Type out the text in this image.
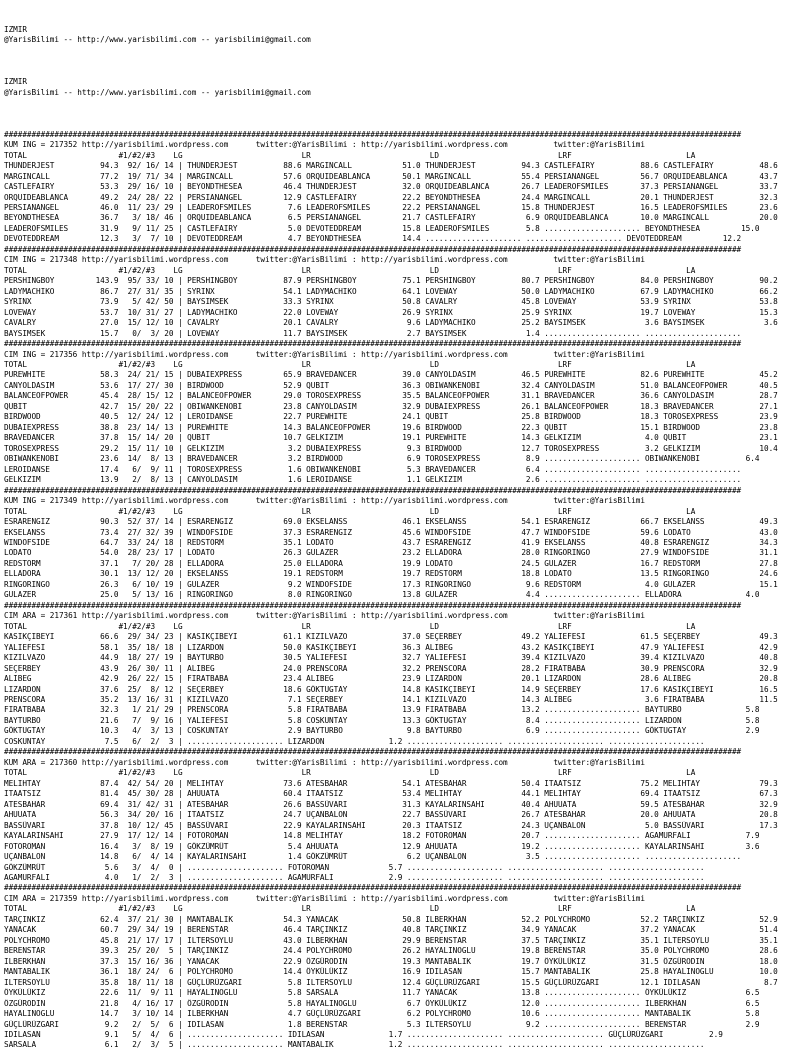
IZMIR
@YarisBilimi -- http://www.yarisbilimi.com -- yarisbilimi@gmail.com
IZMIR
@YarisBilimi -- http://www.yarisbilimi.com -- yarisbilimi@gmail.com

#################################################################################################################################################################
KUM ING = 217352 http://yarisbilimi.wordpress.com      twitter:@YarisBilimi : http://yarisbilimi.wordpress.com          twitter:@YarisBilimi
TOTAL                    #1/#2/#3    LG                          LR                          LD                          LRF                         LA
THUNDERJEST          94.3  92/ 16/ 14 | THUNDERJEST          88.6 MARGINCALL           51.0 THUNDERJEST          94.3 CASTLEFAIRY          88.6 CASTLEFAIRY          48.6
MARGINCALL           77.2  19/ 71/ 34 | MARGINCALL           57.6 ORQUIDEABLANCA       50.1 MARGINCALL           55.4 PERSIANANGEL         56.7 ORQUIDEABLANCA       43.7
CASTLEFAIRY          53.3  29/ 16/ 10 | BEYONDTHESEA         46.4 THUNDERJEST          32.0 ORQUIDEABLANCA       26.7 LEADEROFSMILES       37.3 PERSIANANGEL         33.7
ORQUIDEABLANCA       49.2  24/ 28/ 22 | PERSIANANGEL         12.9 CASTLEFAIRY          22.2 BEYONDTHESEA         24.4 MARGINCALL           20.1 THUNDERJEST          32.3
PERSIANANGEL         46.0  11/ 23/ 29 | LEADEROFSMILES        7.6 LEADEROFSMILES       22.2 PERSIANANGEL         15.8 THUNDERJEST          16.5 LEADEROFSMILES       23.6
BEYONDTHESEA         36.7   3/ 18/ 46 | ORQUIDEABLANCA        6.5 PERSIANANGEL         21.7 CASTLEFAIRY           6.9 ORQUIDEABLANCA       10.0 MARGINCALL           20.0
LEADEROFSMILES       31.9   9/ 11/ 25 | CASTLEFAIRY           5.0 DEVOTEDDREAM         15.8 LEADEROFSMILES        5.8 ..................... BEYONDTHESEA         15.0
DEVOTEDDREAM         12.3   3/  7/ 10 | DEVOTEDDREAM          4.7 BEYONDTHESEA         14.4 ..................... ..................... DEVOTEDDREAM         12.2
#################################################################################################################################################################
CIM ING = 217348 http://yarisbilimi.wordpress.com      twitter:@YarisBilimi : http://yarisbilimi.wordpress.com          twitter:@YarisBilimi
TOTAL                    #1/#2/#3    LG                          LR                          LD                          LRF                         LA
PERSHINGBOY         143.9  95/ 33/ 10 | PERSHINGBOY          87.9 PERSHINGBOY          75.1 PERSHINGBOY          80.7 PERSHINGBOY          84.0 PERSHINGBOY          90.2
LADYMACHIKO          86.7  27/ 31/ 35 | SYRINX               54.1 LADYMACHIKO          64.1 LOVEWAY              50.0 LADYMACHIKO          67.9 LADYMACHIKO          66.2
SYRINX               73.9   5/ 42/ 50 | BAYSIMSEK            33.3 SYRINX               50.8 CAVALRY              45.8 LOVEWAY              53.9 SYRINX               53.8
LOVEWAY              53.7  10/ 31/ 27 | LADYMACHIKO          22.0 LOVEWAY              26.9 SYRINX               25.9 SYRINX               19.7 LOVEWAY              15.3
CAVALRY              27.0  15/ 12/ 10 | CAVALRY              20.1 CAVALRY               9.6 LADYMACHIKO          25.2 BAYSIMSEK             3.6 BAYSIMSEK             3.6
BAYSIMSEK            15.7   0/  3/ 20 | LOVEWAY              11.7 BAYSIMSEK             2.7 BAYSIMSEK             1.4 ..................... .....................
#################################################################################################################################################################
CIM ING = 217356 http://yarisbilimi.wordpress.com      twitter:@YarisBilimi : http://yarisbilimi.wordpress.com          twitter:@YarisBilimi
TOTAL                    #1/#2/#3    LG                          LR                          LD                          LRF                         LA
PUREWHITE            58.3  24/ 21/ 15 | DUBAIEXPRESS         65.9 BRAVEDANCER          39.0 CANYOLDASIM          46.5 PUREWHITE            82.6 PUREWHITE            45.2
CANYOLDASIM          53.6  17/ 27/ 30 | BIRDWOOD             52.9 QUBIT                36.3 OBIWANKENOBI         32.4 CANYOLDASIM          51.0 BALANCEOFPOWER       40.5
BALANCEOFPOWER       45.4  28/ 15/ 12 | BALANCEOFPOWER       29.0 TOROSEXPRESS         35.5 BALANCEOFPOWER       31.1 BRAVEDANCER          36.6 CANYOLDASIM          28.7
QUBIT                42.7  15/ 20/ 22 | OBIWANKENOBI         23.8 CANYOLDASIM          32.9 DUBAIEXPRESS         26.1 BALANCEOFPOWER       18.3 BRAVEDANCER          27.1
BIRDWOOD             40.5  12/ 24/ 12 | LEROIDANSE           22.7 PUREWHITE            24.1 QUBIT                25.8 BIRDWOOD             18.3 TOROSEXPRESS         23.9
DUBAIEXPRESS         38.8  23/ 14/ 13 | PUREWHITE            14.3 BALANCEOFPOWER       19.6 BIRDWOOD             22.3 QUBIT                15.1 BIRDWOOD             23.8
BRAVEDANCER          37.8  15/ 14/ 20 | QUBIT                10.7 GELKIZIM             19.1 PUREWHITE            14.3 GELKIZIM              4.0 QUBIT                23.1
TOROSEXPRESS         29.2  15/ 11/ 10 | GELKIZIM              3.2 DUBAIEXPRESS          9.3 BIRDWOOD             12.7 TOROSEXPRESS          3.2 GELKIZIM             10.4
OBIWANKENOBI         23.6  14/  8/ 13 | BRAVEDANCER           3.2 BIRDWOOD              6.9 TOROSEXPRESS          8.9 ..................... OBIWANKENOBI          6.4
LEROIDANSE           17.4   6/  9/ 11 | TOROSEXPRESS          1.6 OBIWANKENOBI          5.3 BRAVEDANCER           6.4 ..................... .....................
GELKIZIM             13.9   2/  8/ 13 | CANYOLDASIM           1.6 LEROIDANSE            1.1 GELKIZIM              2.6 ..................... .....................
#################################################################################################################################################################
KUM ING = 217349 http://yarisbilimi.wordpress.com      twitter:@YarisBilimi : http://yarisbilimi.wordpress.com          twitter:@YarisBilimi
TOTAL                    #1/#2/#3    LG                          LR                          LD                          LRF                         LA
ESRARENGIZ           90.3  52/ 37/ 14 | ESRARENGIZ           69.0 EKSELANSS            46.1 EKSELANSS            54.1 ESRARENGIZ           66.7 EKSELANSS            49.3
EKSELANSS            73.4  27/ 32/ 39 | WINDOFSIDE           37.3 ESRARENGIZ           45.6 WINDOFSIDE           47.7 WINDOFSIDE           59.6 LODATO               43.0
WINDOFSIDE           64.7  33/ 24/ 18 | REDSTORM             35.1 LODATO               43.7 ESRARENGIZ           41.9 EKSELANSS            40.8 ESRARENGIZ           34.3
LODATO               54.0  28/ 23/ 17 | LODATO               26.3 GULAZER              23.2 ELLADORA             28.0 RINGORINGO           27.9 WINDOFSIDE           31.1
REDSTORM             37.1   7/ 20/ 28 | ELLADORA             25.0 ELLADORA             19.9 LODATO               24.5 GULAZER              16.7 REDSTORM             27.8
ELLADORA             30.1  13/ 12/ 20 | EKSELANSS            19.1 REDSTORM             19.7 REDSTORM             18.8 LODATO               13.5 RINGORINGO           24.6
RINGORINGO           26.3   6/ 10/ 19 | GULAZER               9.2 WINDOFSIDE           17.3 RINGORINGO            9.6 REDSTORM              4.0 GULAZER              15.1
GULAZER              25.0   5/ 13/ 16 | RINGORINGO            8.0 RINGORINGO           13.8 GULAZER               4.4 ..................... ELLADORA              4.0
#################################################################################################################################################################
CIM ARA = 217361 http://yarisbilimi.wordpress.com      twitter:@YarisBilimi : http://yarisbilimi.wordpress.com          twitter:@YarisBilimi
TOTAL                    #1/#2/#3    LG                          LR                          LD                          LRF                         LA
KASIKÇIBEYI          66.6  29/ 34/ 23 | KASIKÇIBEYI          61.1 KIZILVAZO            37.0 SEÇERBEY             49.2 YALIEFESI            61.5 SEÇERBEY             49.3
YALIEFESI            58.1  35/ 18/ 18 | LIZARDON             50.0 KASIKÇIBEYI          36.3 ALIBEG               43.2 KASIKÇIBEYI          47.9 YALIEFESI            42.9
KIZILVAZO            44.9  18/ 27/ 19 | BAYTURBO             30.5 YALIEFESI            32.7 YALIEFESI            39.4 KIZILVAZO            39.4 KIZILVAZO            40.8
SEÇERBEY             43.9  26/ 30/ 11 | ALIBEG               24.0 PRENSCORA            32.2 PRENSCORA            28.2 FIRATBABA            30.9 PRENSCORA            32.9
ALIBEG               42.9  26/ 22/ 15 | FIRATBABA            23.4 ALIBEG               23.9 LIZARDON             20.1 LIZARDON             28.6 ALIBEG               20.8
LIZARDON             37.6  25/  8/ 12 | SEÇERBEY             18.6 GÖKTUGTAY            14.8 KASIKÇIBEYI          14.9 SEÇERBEY             17.6 KASIKÇIBEYI          16.5
PRENSCORA            35.2  13/ 16/ 31 | KIZILVAZO             7.1 SEÇERBEY             14.1 KIZILVAZO            14.3 ALIBEG                3.6 FIRATBABA            11.5
FIRATBABA            32.3   1/ 21/ 29 | PRENSCORA             5.8 FIRATBABA            13.9 FIRATBABA            13.2 ..................... BAYTURBO              5.8
BAYTURBO             21.6   7/  9/ 16 | YALIEFESI             5.8 COSKUNTAY            13.3 GÖKTUGTAY             8.4 ..................... LIZARDON              5.8
GÖKTUGTAY            10.3   4/  3/ 13 | COSKUNTAY             2.9 BAYTURBO              9.8 BAYTURBO              6.9 ..................... GÖKTUGTAY             2.9
COSKUNTAY             7.5   6/  2/  3 | ..................... LIZARDON              1.2 ..................... ..................... .....................
#################################################################################################################################################################
KUM ARA = 217360 http://yarisbilimi.wordpress.com      twitter:@YarisBilimi : http://yarisbilimi.wordpress.com          twitter:@YarisBilimi
TOTAL                    #1/#2/#3    LG                          LR                          LD                          LRF                         LA
MELIHTAY             87.4  42/ 54/ 20 | MELIHTAY             73.6 ATESBAHAR            54.1 ATESBAHAR            50.4 ITAATSIZ             75.2 MELIHTAY             79.3
ITAATSIZ             81.4  45/ 30/ 28 | AHUUATA              60.4 ITAATSIZ             53.4 MELIHTAY             44.1 MELIHTAY             69.4 ITAATSIZ             67.3
ATESBAHAR            69.4  31/ 42/ 31 | ATESBAHAR            26.6 BASSÜVARI            31.3 KAYALARINSAHI        40.4 AHUUATA              59.5 ATESBAHAR            32.9
AHUUATA              56.3  34/ 20/ 16 | ITAATSIZ             24.7 UÇANBALON            22.7 BASSÜVARI            26.7 ATESBAHAR            20.0 AHUUATA              20.8
BASSÜVARI            37.8  10/ 12/ 45 | BASSÜVARI            22.9 KAYALARINSAHI        20.3 ITAATSIZ             24.3 UÇANBALON             5.0 BASSÜVARI            17.3
KAYALARINSAHI        27.9  17/ 12/ 14 | FOTOROMAN            14.8 MELIHTAY             18.2 FOTOROMAN            20.7 ..................... AGAMURFALI            7.9
FOTOROMAN            16.4   3/  8/ 19 | GÖKZÜMRÜT             5.4 AHUUATA              12.9 AHUUATA              19.2 ..................... KAYALARINSAHI         3.6
UÇANBALON            14.8   6/  4/ 14 | KAYALARINSAHI         1.4 GÖKZÜMRÜT             6.2 UÇANBALON             3.5 ..................... .....................
GÖKZÜMRÜT             5.6   3/  4/  0 | ..................... FOTOROMAN             5.7 ..................... ..................... .....................
AGAMURFALI            4.0   1/  2/  3 | ..................... AGAMURFALI            2.9 ..................... ..................... .....................
#################################################################################################################################################################
CIM ARA = 217359 http://yarisbilimi.wordpress.com      twitter:@YarisBilimi : http://yarisbilimi.wordpress.com          twitter:@YarisBilimi
TOTAL                    #1/#2/#3    LG                          LR                          LD                          LRF                         LA
TARÇINKIZ            62.4  37/ 21/ 30 | MANTABALIK           54.3 YANACAK              50.8 ILBERKHAN            52.2 POLYCHROMO           52.2 TARÇINKIZ            52.9
YANACAK              60.7  29/ 34/ 19 | BERENSTAR            46.4 TARÇINKIZ            40.8 TARÇINKIZ            34.9 YANACAK              37.2 YANACAK              51.4
POLYCHROMO           45.8  21/ 17/ 17 | ILTERSOYLU           43.0 ILBERKHAN            29.9 BERENSTAR            37.5 TARÇINKIZ            35.1 ILTERSOYLU           35.1
BERENSTAR            39.3  25/ 20/  5 | TARÇINKIZ            24.4 POLYCHROMO           26.2 HAYALINOGLU          19.8 BERENSTAR            35.0 POLYCHROMO           28.6
ILBERKHAN            37.3  15/ 16/ 36 | YANACAK              22.9 ÖZGÜRODIN            19.3 MANTABALIK           19.7 ÖYKÜLÜKIZ            31.5 ÖZGÜRODIN            18.0
MANTABALIK           36.1  18/ 24/  6 | POLYCHROMO           14.4 ÖYKÜLÜKIZ            16.9 IDILASAN             15.7 MANTABALIK           25.8 HAYALINOGLU          10.0
ILTERSOYLU           35.8  18/ 11/ 18 | GÜÇLÜRÜZGARI          5.8 ILTERSOYLU           12.4 GÜÇLÜRÜZGARI         15.5 GÜÇLÜRÜZGARI         12.1 IDILASAN              8.7
ÖYKÜLÜKIZ            22.6  11/  9/ 11 | HAYALINOGLU           5.8 SARSALA              11.7 YANACAK              13.8 ..................... ÖYKÜLÜKIZ             6.5
ÖZGÜRODIN            21.8   4/ 16/ 17 | ÖZGÜRODIN             5.8 HAYALINOGLU           6.7 ÖYKÜLÜKIZ            12.0 ..................... ILBERKHAN             6.5
HAYALINOGLU          14.7   3/ 10/ 14 | ILBERKHAN             4.7 GÜÇLÜRÜZGARI          6.2 POLYCHROMO           10.6 ..................... MANTABALIK            5.8
GÜÇLÜRÜZGARI          9.2   2/  5/  6 | IDILASAN              1.8 BERENSTAR             5.3 ILTERSOYLU            9.2 ..................... BERENSTAR             2.9
IDILASAN              9.1   5/  4/  6 | ..................... IDILASAN              1.7 ..................... ..................... GÜÇLÜRÜZGARI          2.9
SARSALA               6.1   2/  3/  5 | ..................... MANTABALIK            1.2 ..................... ..................... .....................
